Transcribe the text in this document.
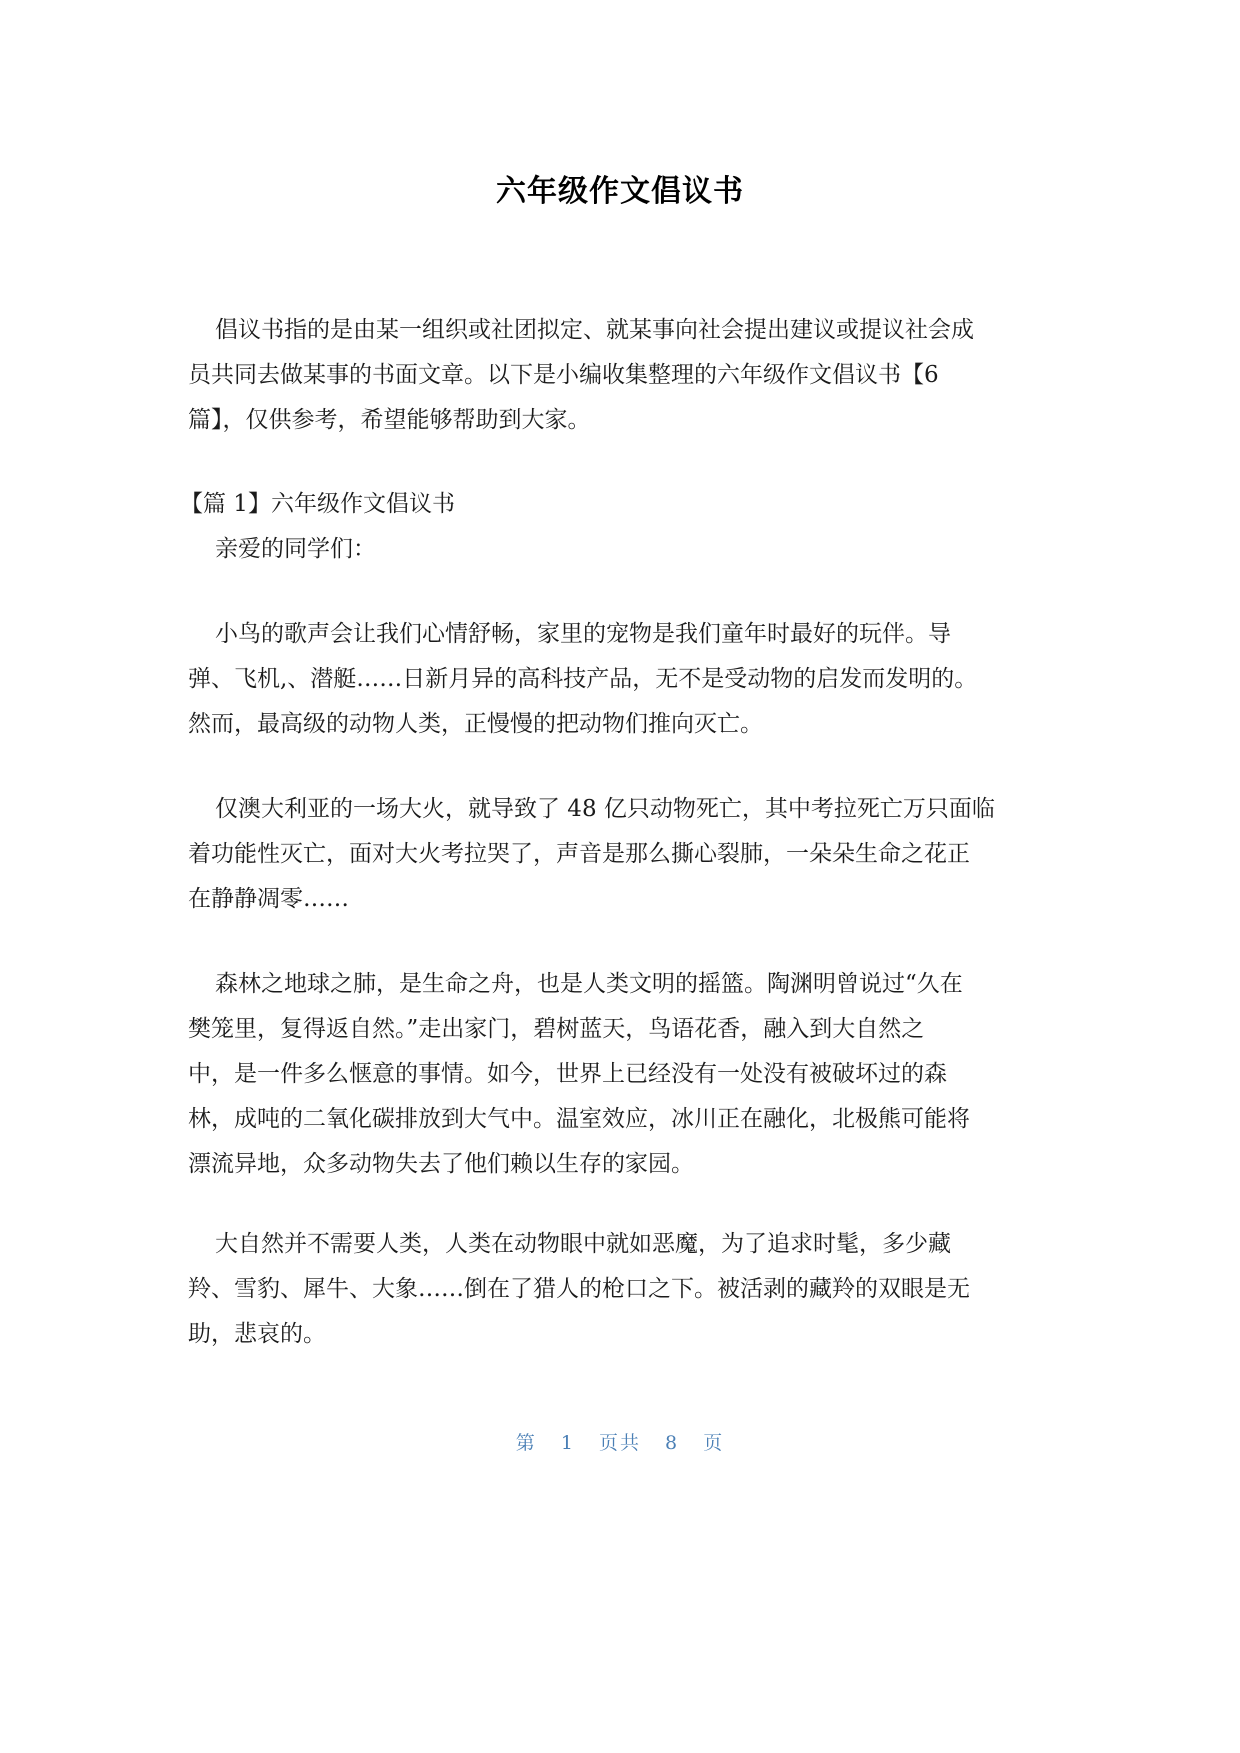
六年级作文倡议书
倡议书指的是由某一组织或社团拟定、就某事向社会提出建议或提议社会成
员共同去做某事的书面文章。以下是小编收集整理的六年级作文倡议书【6
篇】，仅供参考，希望能够帮助到大家。
【篇 1】六年级作文倡议书
亲爱的同学们：
小鸟的歌声会让我们心情舒畅，家里的宠物是我们童年时最好的玩伴。导
弹、飞机,、潜艇……日新月异的高科技产品，无不是受动物的启发而发明的。
然而，最高级的动物人类，正慢慢的把动物们推向灭亡。
仅澳大利亚的一场大火，就导致了 48 亿只动物死亡，其中考拉死亡万只面临
着功能性灭亡，面对大火考拉哭了，声音是那么撕心裂肺，一朵朵生命之花正
在静静凋零……
森林之地球之肺，是生命之舟，也是人类文明的摇篮。陶渊明曾说过“久在
樊笼里，复得返自然。”走出家门，碧树蓝天，鸟语花香，融入到大自然之
中，是一件多么惬意的事情。如今，世界上已经没有一处没有被破坏过的森
林，成吨的二氧化碳排放到大气中。温室效应，冰川正在融化，北极熊可能将
漂流异地，众多动物失去了他们赖以生存的家园。
大自然并不需要人类，人类在动物眼中就如恶魔，为了追求时髦，多少藏
羚、雪豹、犀牛、大象……倒在了猎人的枪口之下。被活剥的藏羚的双眼是无
助，悲哀的。
第 1 页共 8 页
